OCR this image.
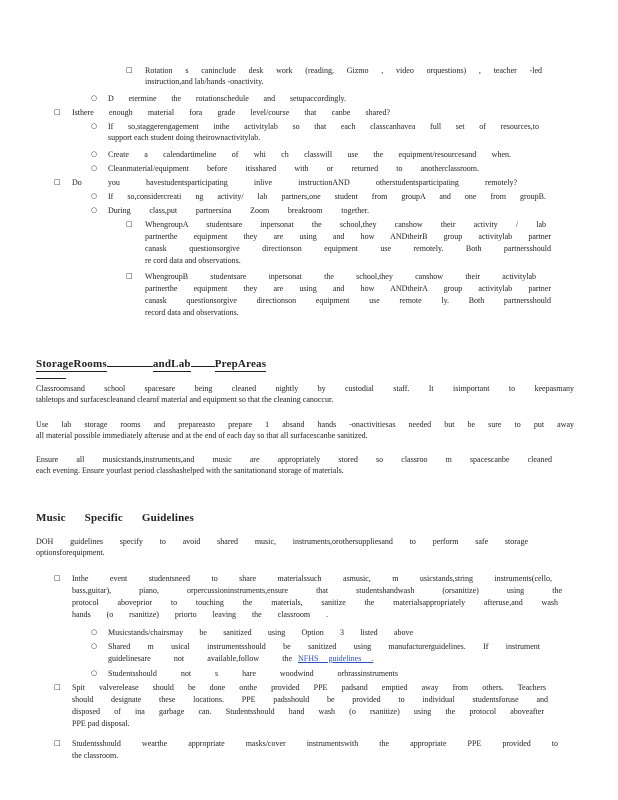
□ Rotation s caninclude desk work (reading, Gizmo , video orquestions) , teacher -led
instruction,and lab/hands -onactivity.
○ D etermine the rotationschedule and setupaccordingly.
□ Isthere enough material fora grade level/course that canbe shared?
○ If so,staggerengagement inthe activitylab so that each classcanhavea full set of resources,to
support each student doing theirownactivitylab.
○ Create a calendartimeline of whi ch classwill use the equipment/resourcesand when.
○ Cleanmaterial/equipment before itisshared with or returned to anotherclassroom.
□ Do you havestudentsparticipating inlive instructionAND otherstudentsparticipating remotely?
○ If so,considercreati ng activity/ lab partners,one student from groupA and one from groupB.
○ During class,put partnersina Zoom breakroom together.
□ WhengroupA studentsare inpersonat the school,they canshow their activity / lab
partnerthe equipment they are using and how ANDtheirB group activitylab partner
canask questionsorgive directionson equipment use remotely. Both partnersshould
re cord data and observations.
□ WhengroupB studentsare inpersonat the school,they canshow their activitylab
partnerthe equipment they are using and how ANDtheirA group activitylab partner
canask questionsorgive directionson equipment use remote ly. Both partnersshould
record data and observations.
StorageRooms	andLab PrepAreas
Classroomsand school spacesare being cleaned nightly by custodial staff. It isimportant to keepasmany
tabletops and surfacescleanand clearof material and equipment so that the cleaning canoccur.
Use lab storage rooms and prepareasto prepare 1 absand hands -onactivitiesas needed but be sure to put away
all material possible immediately afteruse and at the end of each day so that all surfacescanbe sanitized.
Ensure all musicstands,instruments,and music are appropriately stored so classroo m spacescanbe cleaned
each evening. Ensure yourlast period classhashelped with the sanitationand storage of materials.
Music Specific Guidelines
DOH guidelines specify to avoid shared music, instruments,orothersuppliesand to perform safe storage
optionsforequipment.
□ Inthe event studentsneed to share materialssuch asmusic, m usicstands,string instruments(cello,
bass,guitar), piano, orpercussioninstruments,ensure that studentshandwash (orsanitize) using the
protocol aboveprior to touching the materials, sanitize the materialsappropriately afteruse,and wash
hands (o rsanitize) priorto leaving the classroom .
○ Musicstands/chairsmay be sanitized using Option 3 listed above
○ Shared m usical instrumentsshould be sanitized using manufacturerguidelines. If instrument
guidelinesare not available,follow the NFHS guidelines .
○ Studentsshould not s hare woodwind orbrassinstruments
□ Spit valverelease should be done onthe provided PPE padsand emptied away from others. Teachers
should designate these locations. PPE padsshould be provided to individual studentsforuse and
disposed of ina garbage can. Studentsshould hand wash (o rsanitize) using the protocol aboveafter
PPE pad disposal.
□ Studentsshould wearthe appropriate masks/cover instrumentswith the appropriate PPE provided to
the classroom.
